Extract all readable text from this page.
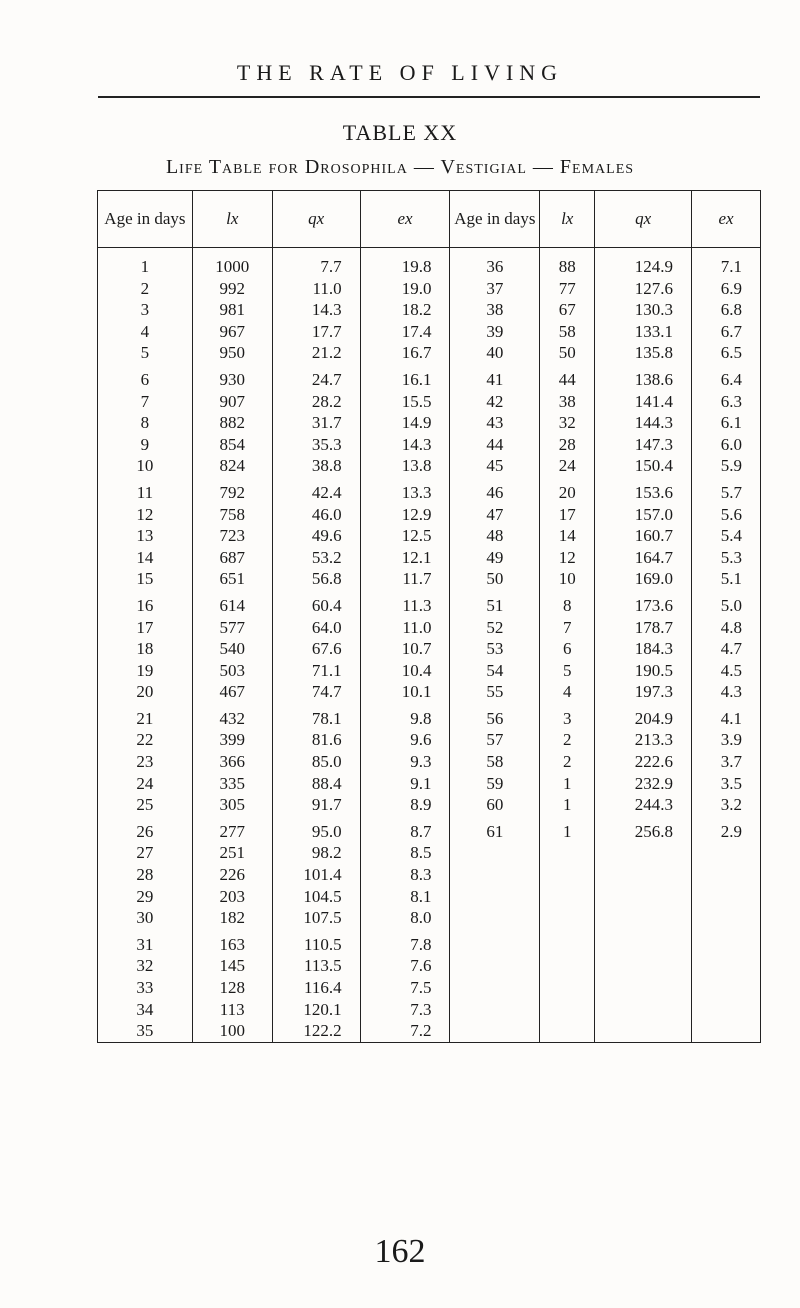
THE RATE OF LIVING
TABLE XX
Life Table for Drosophila — Vestigial — Females
Age in days	lx	qx	ex	Age in days	lx	qx	ex
1	1000	7.7	19.8	36	88	124.9	7.1
2	992	11.0	19.0	37	77	127.6	6.9
3	981	14.3	18.2	38	67	130.3	6.8
4	967	17.7	17.4	39	58	133.1	6.7
5	950	21.2	16.7	40	50	135.8	6.5
6	930	24.7	16.1	41	44	138.6	6.4
7	907	28.2	15.5	42	38	141.4	6.3
8	882	31.7	14.9	43	32	144.3	6.1
9	854	35.3	14.3	44	28	147.3	6.0
10	824	38.8	13.8	45	24	150.4	5.9
11	792	42.4	13.3	46	20	153.6	5.7
12	758	46.0	12.9	47	17	157.0	5.6
13	723	49.6	12.5	48	14	160.7	5.4
14	687	53.2	12.1	49	12	164.7	5.3
15	651	56.8	11.7	50	10	169.0	5.1
16	614	60.4	11.3	51	8	173.6	5.0
17	577	64.0	11.0	52	7	178.7	4.8
18	540	67.6	10.7	53	6	184.3	4.7
19	503	71.1	10.4	54	5	190.5	4.5
20	467	74.7	10.1	55	4	197.3	4.3
21	432	78.1	9.8	56	3	204.9	4.1
22	399	81.6	9.6	57	2	213.3	3.9
23	366	85.0	9.3	58	2	222.6	3.7
24	335	88.4	9.1	59	1	232.9	3.5
25	305	91.7	8.9	60	1	244.3	3.2
26	277	95.0	8.7	61	1	256.8	2.9
27	251	98.2	8.5				
28	226	101.4	8.3				
29	203	104.5	8.1				
30	182	107.5	8.0				
31	163	110.5	7.8				
32	145	113.5	7.6				
33	128	116.4	7.5				
34	113	120.1	7.3				
35	100	122.2	7.2				
162
